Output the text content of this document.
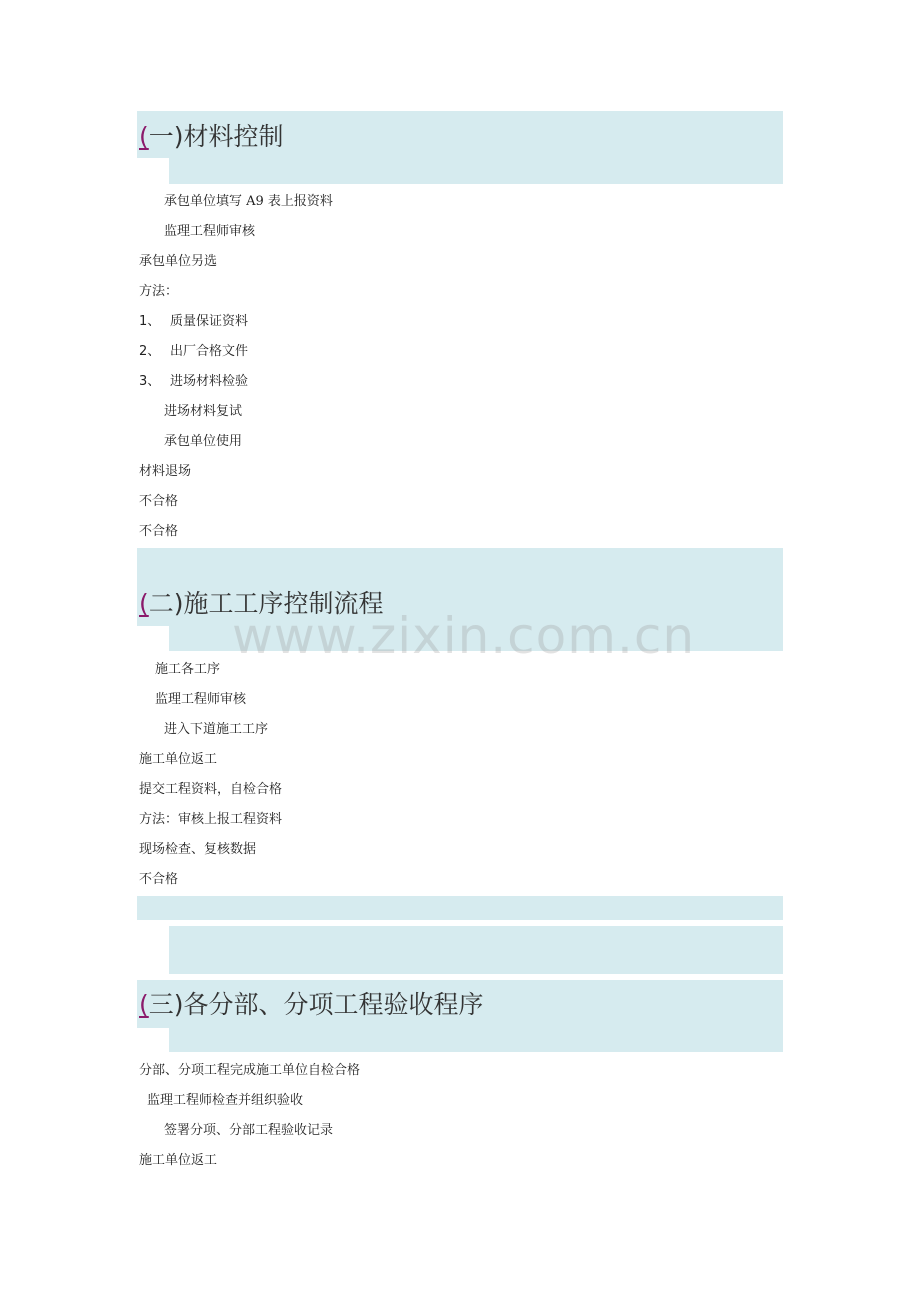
(一)材料控制
承包单位填写 A9 表上报资料
监理工程师审核
承包单位另选
方法：
1、 质量保证资料
2、 出厂合格文件
3、 进场材料检验
进场材料复试
承包单位使用
材料退场
不合格
不合格
(二)施工工序控制流程
www.zixin.com.cn
施工各工序
监理工程师审核
进入下道施工工序
施工单位返工
提交工程资料，自检合格
方法：审核上报工程资料
现场检查、复核数据
不合格
(三)各分部、分项工程验收程序
分部、分项工程完成施工单位自检合格
监理工程师检查并组织验收
签署分项、分部工程验收记录
施工单位返工
